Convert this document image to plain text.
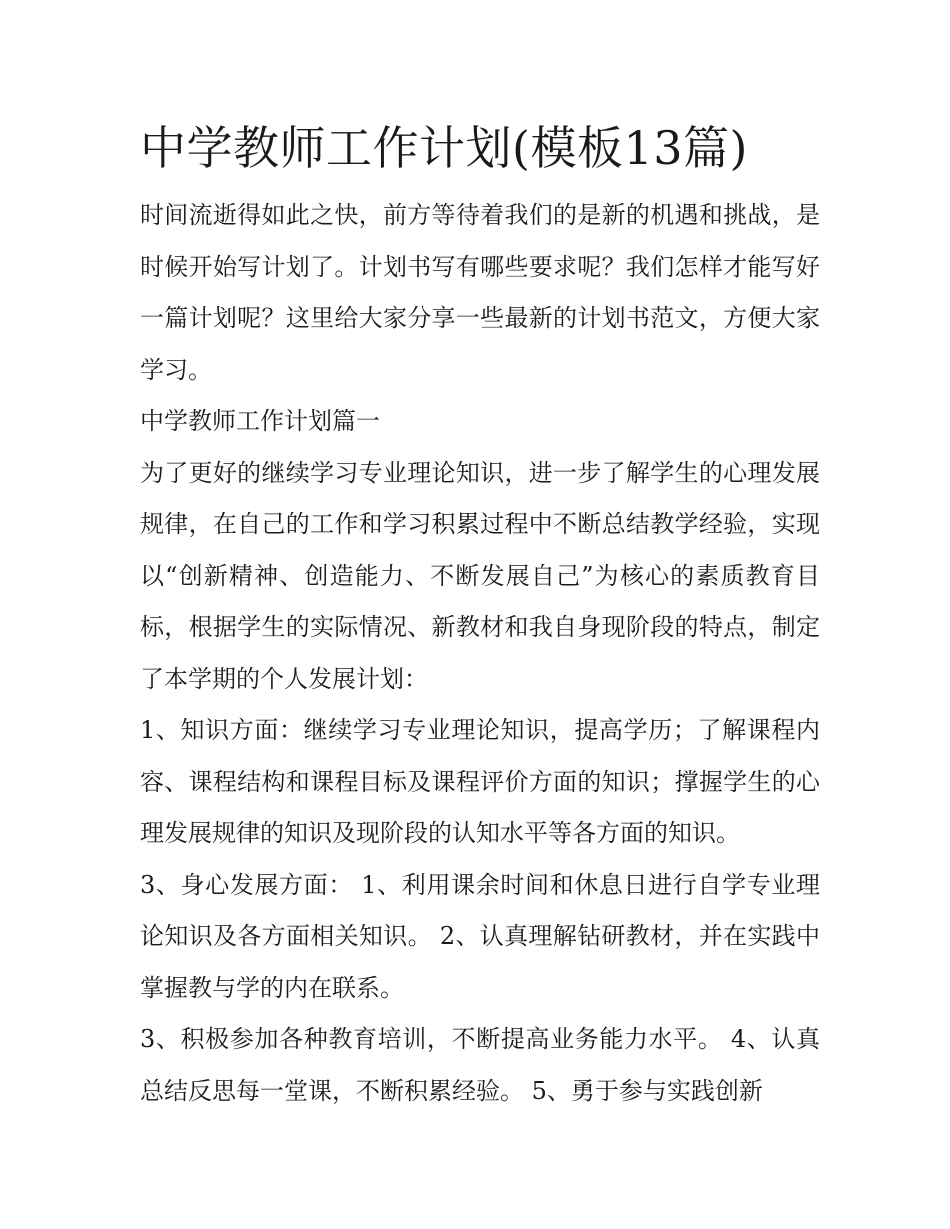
中学教师工作计划(模板13篇)

时间流逝得如此之快，前方等待着我们的是新的机遇和挑战，是时候开始写计划了。计划书写有哪些要求呢？我们怎样才能写好一篇计划呢？这里给大家分享一些最新的计划书范文，方便大家学习。

中学教师工作计划篇一

为了更好的继续学习专业理论知识，进一步了解学生的心理发展规律，在自己的工作和学习积累过程中不断总结教学经验，实现以“创新精神、创造能力、不断发展自己”为核心的素质教育目标，根据学生的实际情况、新教材和我自身现阶段的特点，制定了本学期的个人发展计划：

1、知识方面：继续学习专业理论知识，提高学历；了解课程内容、课程结构和课程目标及课程评价方面的知识；撑握学生的心理发展规律的知识及现阶段的认知水平等各方面的知识。

3、身心发展方面： 1、利用课余时间和休息日进行自学专业理论知识及各方面相关知识。 2、认真理解钻研教材，并在实践中掌握教与学的内在联系。

3、积极参加各种教育培训，不断提高业务能力水平。 4、认真总结反思每一堂课，不断积累经验。 5、勇于参与实践创新
